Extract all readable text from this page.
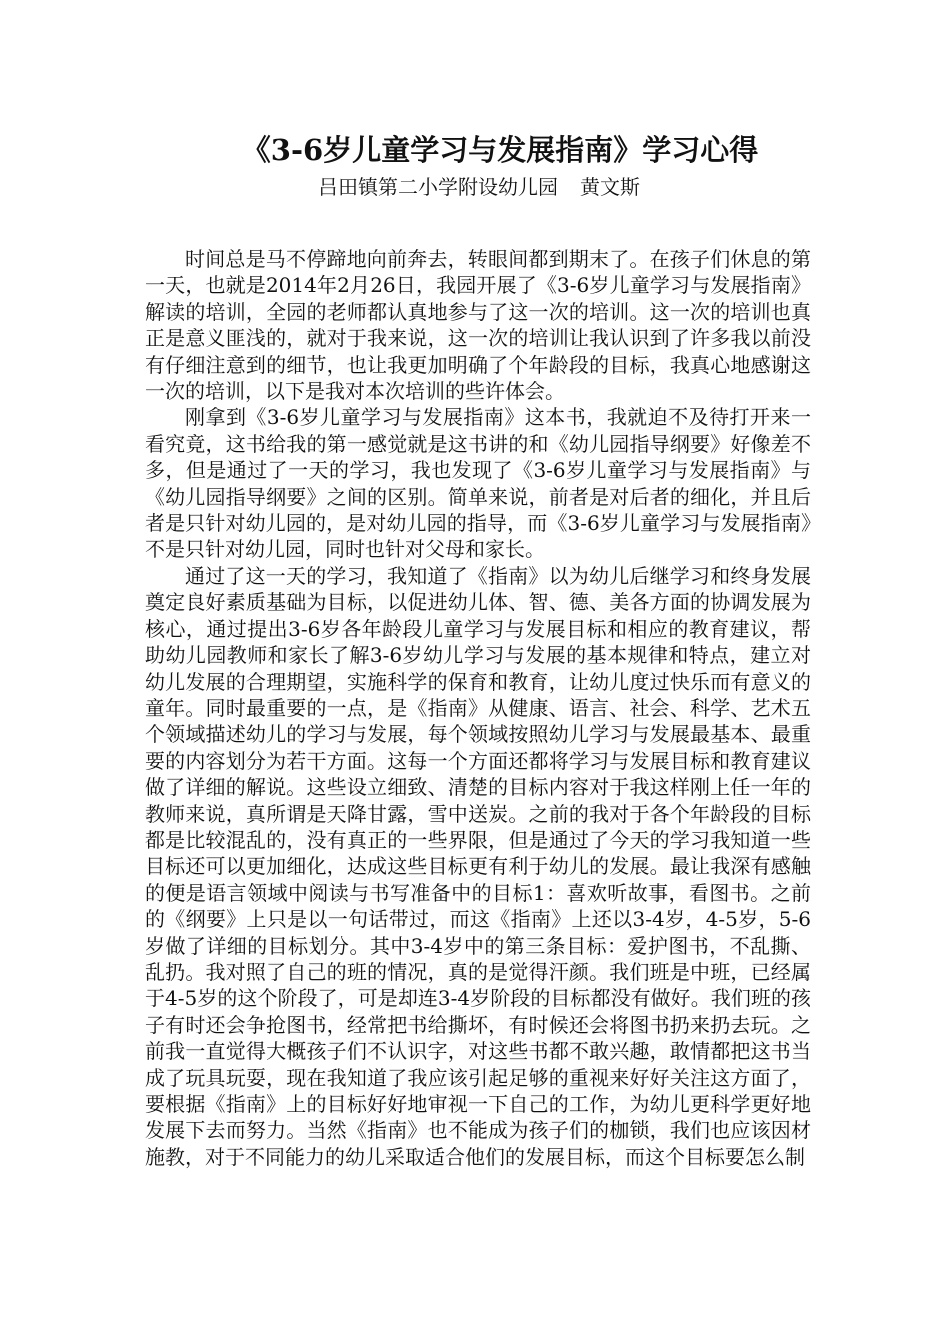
《3-6岁儿童学习与发展指南》学习心得
吕田镇第二小学附设幼儿园 黄文斯

时间总是马不停蹄地向前奔去，转眼间都到期末了。在孩子们休息的第一天，也就是2014年2月26日，我园开展了《3-6岁儿童学习与发展指南》解读的培训，全园的老师都认真地参与了这一次的培训。这一次的培训也真正是意义匪浅的，就对于我来说，这一次的培训让我认识到了许多我以前没有仔细注意到的细节，也让我更加明确了个年龄段的目标，我真心地感谢这一次的培训，以下是我对本次培训的些许体会。

刚拿到《3-6岁儿童学习与发展指南》这本书，我就迫不及待打开来一看究竟，这书给我的第一感觉就是这书讲的和《幼儿园指导纲要》好像差不多，但是通过了一天的学习，我也发现了《3-6岁儿童学习与发展指南》与《幼儿园指导纲要》之间的区别。简单来说，前者是对后者的细化，并且后者是只针对幼儿园的，是对幼儿园的指导，而《3-6岁儿童学习与发展指南》不是只针对幼儿园，同时也针对父母和家长。

通过了这一天的学习，我知道了《指南》以为幼儿后继学习和终身发展奠定良好素质基础为目标，以促进幼儿体、智、德、美各方面的协调发展为核心，通过提出3-6岁各年龄段儿童学习与发展目标和相应的教育建议，帮助幼儿园教师和家长了解3-6岁幼儿学习与发展的基本规律和特点，建立对幼儿发展的合理期望，实施科学的保育和教育，让幼儿度过快乐而有意义的童年。同时最重要的一点，是《指南》从健康、语言、社会、科学、艺术五个领域描述幼儿的学习与发展，每个领域按照幼儿学习与发展最基本、最重要的内容划分为若干方面。这每一个方面还都将学习与发展目标和教育建议做了详细的解说。这些设立细致、清楚的目标内容对于我这样刚上任一年的教师来说，真所谓是天降甘露，雪中送炭。之前的我对于各个年龄段的目标都是比较混乱的，没有真正的一些界限，但是通过了今天的学习我知道一些目标还可以更加细化，达成这些目标更有利于幼儿的发展。最让我深有感触的便是语言领域中阅读与书写准备中的目标1：喜欢听故事，看图书。之前的《纲要》上只是以一句话带过，而这《指南》上还以3-4岁，4-5岁，5-6岁做了详细的目标划分。其中3-4岁中的第三条目标：爱护图书，不乱撕、乱扔。我对照了自己的班的情况，真的是觉得汗颜。我们班是中班，已经属于4-5岁的这个阶段了，可是却连3-4岁阶段的目标都没有做好。我们班的孩子有时还会争抢图书，经常把书给撕坏，有时候还会将图书扔来扔去玩。之前我一直觉得大概孩子们不认识字，对这些书都不敢兴趣，敢情都把这书当成了玩具玩耍，现在我知道了我应该引起足够的重视来好好关注这方面了，要根据《指南》上的目标好好地审视一下自己的工作，为幼儿更科学更好地发展下去而努力。当然《指南》也不能成为孩子们的枷锁，我们也应该因材施教，对于不同能力的幼儿采取适合他们的发展目标，而这个目标要怎么制
